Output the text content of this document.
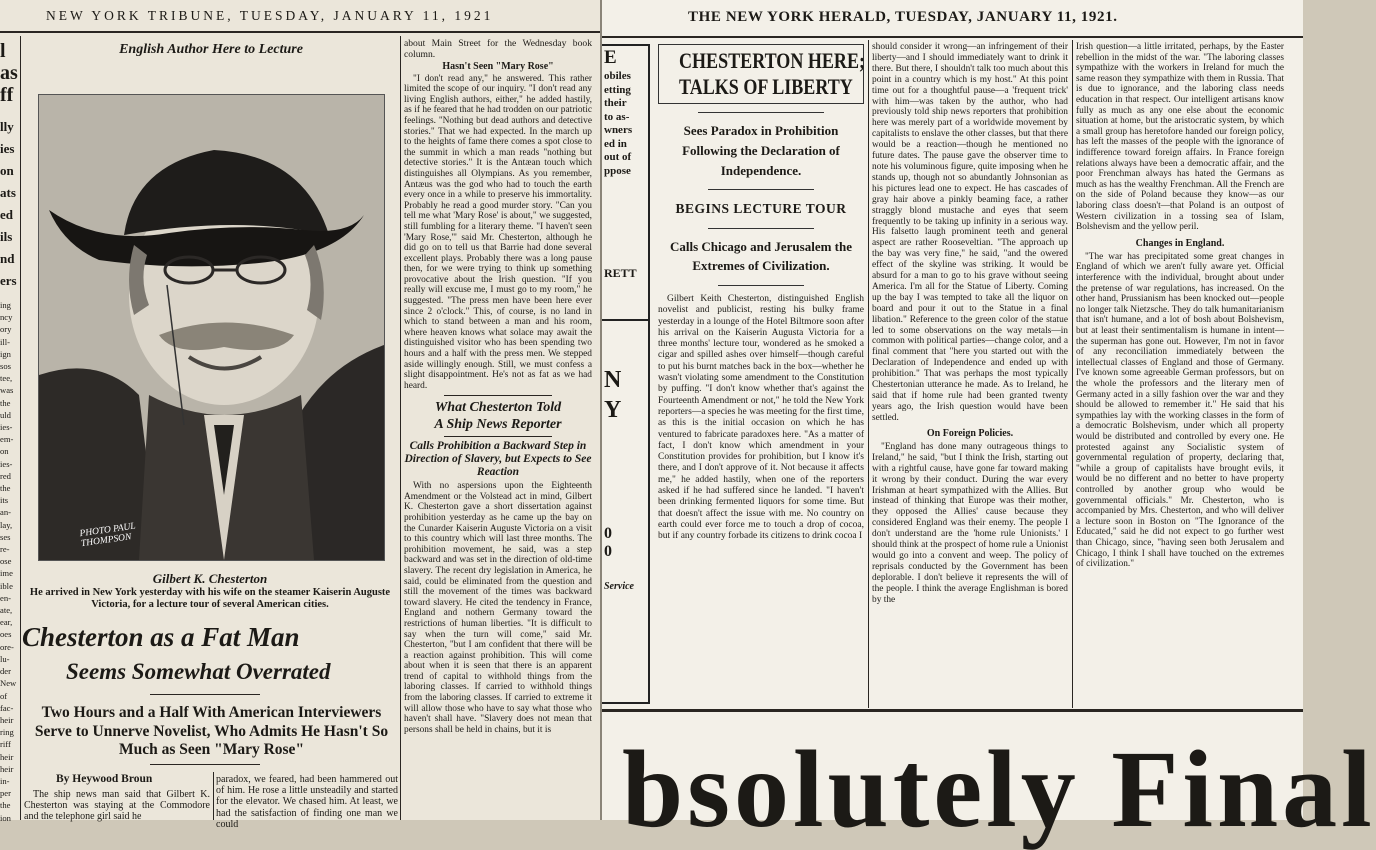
NEW YORK TRIBUNE, TUESDAY, JANUARY 11, 1921
l
as
ff
lly
ies
on
ats
ed
ils
nd
ers
ing
ncy
ory
ill-
ign
sos
tee,
was
the
uld
ies-
em-
on
ies-
red
the
its
an-
lay,
ses
re-
ose
ime
ible
en-
ate,
ear,
oes
ore-
lu-
der
New
of
fac-
heir
ring
riff
heir
heir
in-
per
the
ion
English Author Here to Lecture
PHOTO PAUL THOMPSON
Gilbert K. Chesterton
He arrived in New York yesterday with his wife on the steamer Kaiserin Auguste Victoria, for a lecture tour of several American cities.
Chesterton as a Fat Man
Seems Somewhat Overrated
Two Hours and a Half With American Interviewers Serve to Unnerve Novelist, Who Admits He Hasn't So Much as Seen "Mary Rose"
By Heywood Broun
The ship news man said that Gilbert K. Chesterton was staying at the Commodore and the telephone girl said he
paradox, we feared, had been hammered out of him. He rose a little unsteadily and started for the elevator. We chased him. At least, we had the satisfaction of finding one man we could

about Main Street for the Wednesday book column.

Hasn't Seen "Mary Rose"

"I don't read any," he answered. This rather limited the scope of our inquiry. "I don't read any living English authors, either," he added hastily, as if he feared that he had trodden on our patriotic feelings. "Nothing but dead authors and detective stories." That we had expected. In the march up to the heights of fame there comes a spot close to the summit in which a man reads "nothing but detective stories." It is the Antæan touch which distinguishes all Olympians. As you remember, Antæus was the god who had to touch the earth every once in a while to preserve his immortality. Probably he read a good murder story. "Can you tell me what 'Mary Rose' is about," we suggested, still fumbling for a literary theme. "I haven't seen 'Mary Rose,'" said Mr. Chesterton, although he did go on to tell us that Barrie had done several excellent plays. Probably there was a long pause then, for we were trying to think up something provocative about the Irish question. "If you really will excuse me, I must go to my room," he suggested. "The press men have been here ever since 2 o'clock." This, of course, is no land in which to stand between a man and his room, where heaven knows what solace may await the distinguished visitor who has been spending two hours and a half with the press men. We stepped aside willingly enough. Still, we must confess a slight disappointment. He's not as fat as we had heard.

What Chesterton Told

A Ship News Reporter

Calls Prohibition a Backward Step in Direction of Slavery, but Expects to See Reaction

With no aspersions upon the Eighteenth Amendment or the Volstead act in mind, Gilbert K. Chesterton gave a short dissertation against prohibition yesterday as he came up the bay on the Cunarder Kaiserin Auguste Victoria on a visit to this country which will last three months. The prohibition movement, he said, was a step backward and was set in the direction of old-time slavery. The recent dry legislation in America, he said, could be eliminated from the question and still the movement of the times was backward toward slavery. He cited the tendency in France, England and nothern Germany toward the restrictions of human liberties. "It is difficult to say when the turn will come," said Mr. Chesterton, "but I am confident that there will be a reaction against prohibition. This will come about when it is seen that there is an apparent trend of capital to withhold things from the laboring classes. If carried to withhold things from the laboring classes. If carried to extreme it will allow those who have to say what those who haven't shall have. "Slavery does not mean that persons shall be held in chains, but it is

THE NEW YORK HERALD, TUESDAY, JANUARY 11, 1921.
E
obiles
etting
their
to as-
wners
ed in
out of
ppose
RETT
N
Y
0
0
Service
CHESTERTON HERE;
TALKS OF LIBERTY

Sees Paradox in Prohibition Following the Declaration of Independence.

BEGINS LECTURE TOUR

Calls Chicago and Jerusalem the Extremes of Civilization.

Gilbert Keith Chesterton, distinguished English novelist and publicist, resting his bulky frame yesterday in a lounge of the Hotel Biltmore soon after his arrival on the Kaiserin Augusta Victoria for a three months' lecture tour, wondered as he smoked a cigar and spilled ashes over himself—though careful to put his burnt matches back in the box—whether he wasn't violating some amendment to the Constitution by puffing. "I don't know whether that's against the Fourteenth Amendment or not," he told the New York reporters—a species he was meeting for the first time, as this is the initial occasion on which he has ventured to fabricate paradoxes here. "As a matter of fact, I don't know which amendment in your Constitution provides for prohibition, but I know it's there, and I don't approve of it. Not because it affects me," he added hastily, when one of the reporters asked if he had suffered since he landed. "I haven't been drinking fermented liquors for some time. But that doesn't affect the issue with me. No country on earth could ever force me to touch a drop of cocoa, but if any country forbade its citizens to drink cocoa I

should consider it wrong—an infringement of their liberty—and I should immediately want to drink it there. But there, I shouldn't talk too much about this point in a country which is my host." At this point time out for a thoughtful pause—a 'frequent trick' with him—was taken by the author, who had previously told ship news reporters that prohibition here was merely part of a worldwide movement by capitalists to enslave the other classes, but that there would be a reaction—though he mentioned no future dates. The pause gave the observer time to note his voluminous figure, quite imposing when he stands up, though not so abundantly Johnsonian as his pictures lead one to expect. He has cascades of gray hair above a pinkly beaming face, a rather straggly blond mustache and eyes that seem frequently to be taking up infinity in a serious way. His falsetto laugh prominent teeth and general aspect are rather Rooseveltian. "The approach up the bay was very fine," he said, "and the owered effect of the skyline was striking. It would be absurd for a man to go to his grave without seeing America. I'm all for the Statue of Liberty. Coming up the bay I was tempted to take all the liquor on board and pour it out to the Statue in a final libation." Reference to the green color of the statue led to some observations on the way metals—in common with political parties—change color, and a final comment that "here you started out with the Declaration of Independence and ended up with prohibition." That was perhaps the most typically Chestertonian utterance he made. As to Ireland, he said that if home rule had been granted twenty years ago, the Irish question would have been settled.

On Foreign Policies.

"England has done many outrageous things to Ireland," he said, "but I think the Irish, starting out with a rightful cause, have gone far toward making it wrong by their conduct. During the war every Irishman at heart sympathized with the Allies. But instead of thinking that Europe was their mother, they opposed the Allies' cause because they considered England was their enemy. The people I don't understand are the 'home rule Unionists.' I should think at the prospect of home rule a Unionist would go into a convent and weep. The policy of reprisals conducted by the Government has been deplorable. I don't believe it represents the will of the people. I think the average Englishman is bored by the

Irish question—a little irritated, perhaps, by the Easter rebellion in the midst of the war. "The laboring classes sympathize with the workers in Ireland for much the same reason they sympathize with them in Russia. That is due to ignorance, and the laboring class needs education in that respect. Our intelligent artisans know fully as much as any one else about the economic situation at home, but the aristocratic system, by which a small group has heretofore handed our foreign policy, has left the masses of the people with the ignorance of indifference toward foreign affairs. In France foreign relations always have been a democratic affair, and the poor Frenchman always has hated the Germans as much as has the wealthy Frenchman. All the French are on the side of Poland because they know—as our laboring class doesn't—that Poland is an outpost of Western civilization in a tossing sea of Islam, Bolshevism and the yellow peril.

Changes in England.

"The war has precipitated some great changes in England of which we aren't fully aware yet. Official interference with the individual, brought about under the pretense of war regulations, has increased. On the other hand, Prussianism has been knocked out—people no longer talk Nietzsche. They do talk humanitarianism that isn't humane, and a lot of bosh about Bolshevism, but at least their sentimentalism is humane in intent—the superman has gone out. However, I'm not in favor of any reconciliation immediately between the intellectual classes of England and those of Germany. I've known some agreeable German professors, but on the whole the professors and the literary men of Germany acted in a silly fashion over the war and they should be allowed to remember it." He said that his sympathies lay with the working classes in the form of a democratic Bolshevism, under which all property would be distributed and controlled by every one. He protested against any Socialistic system of governmental regulation of property, declaring that, "while a group of capitalists have brought evils, it would be no different and no better to have property controlled by another group who would be governmental officials." Mr. Chesterton, who is accompanied by Mrs. Chesterton, and who will deliver a lecture soon in Boston on "The Ignorance of the Educated," said he did not expect to go further west than Chicago, since, "having seen both Jerusalem and Chicago, I think I shall have touched on the extremes of civilization."

bsolutely Final
